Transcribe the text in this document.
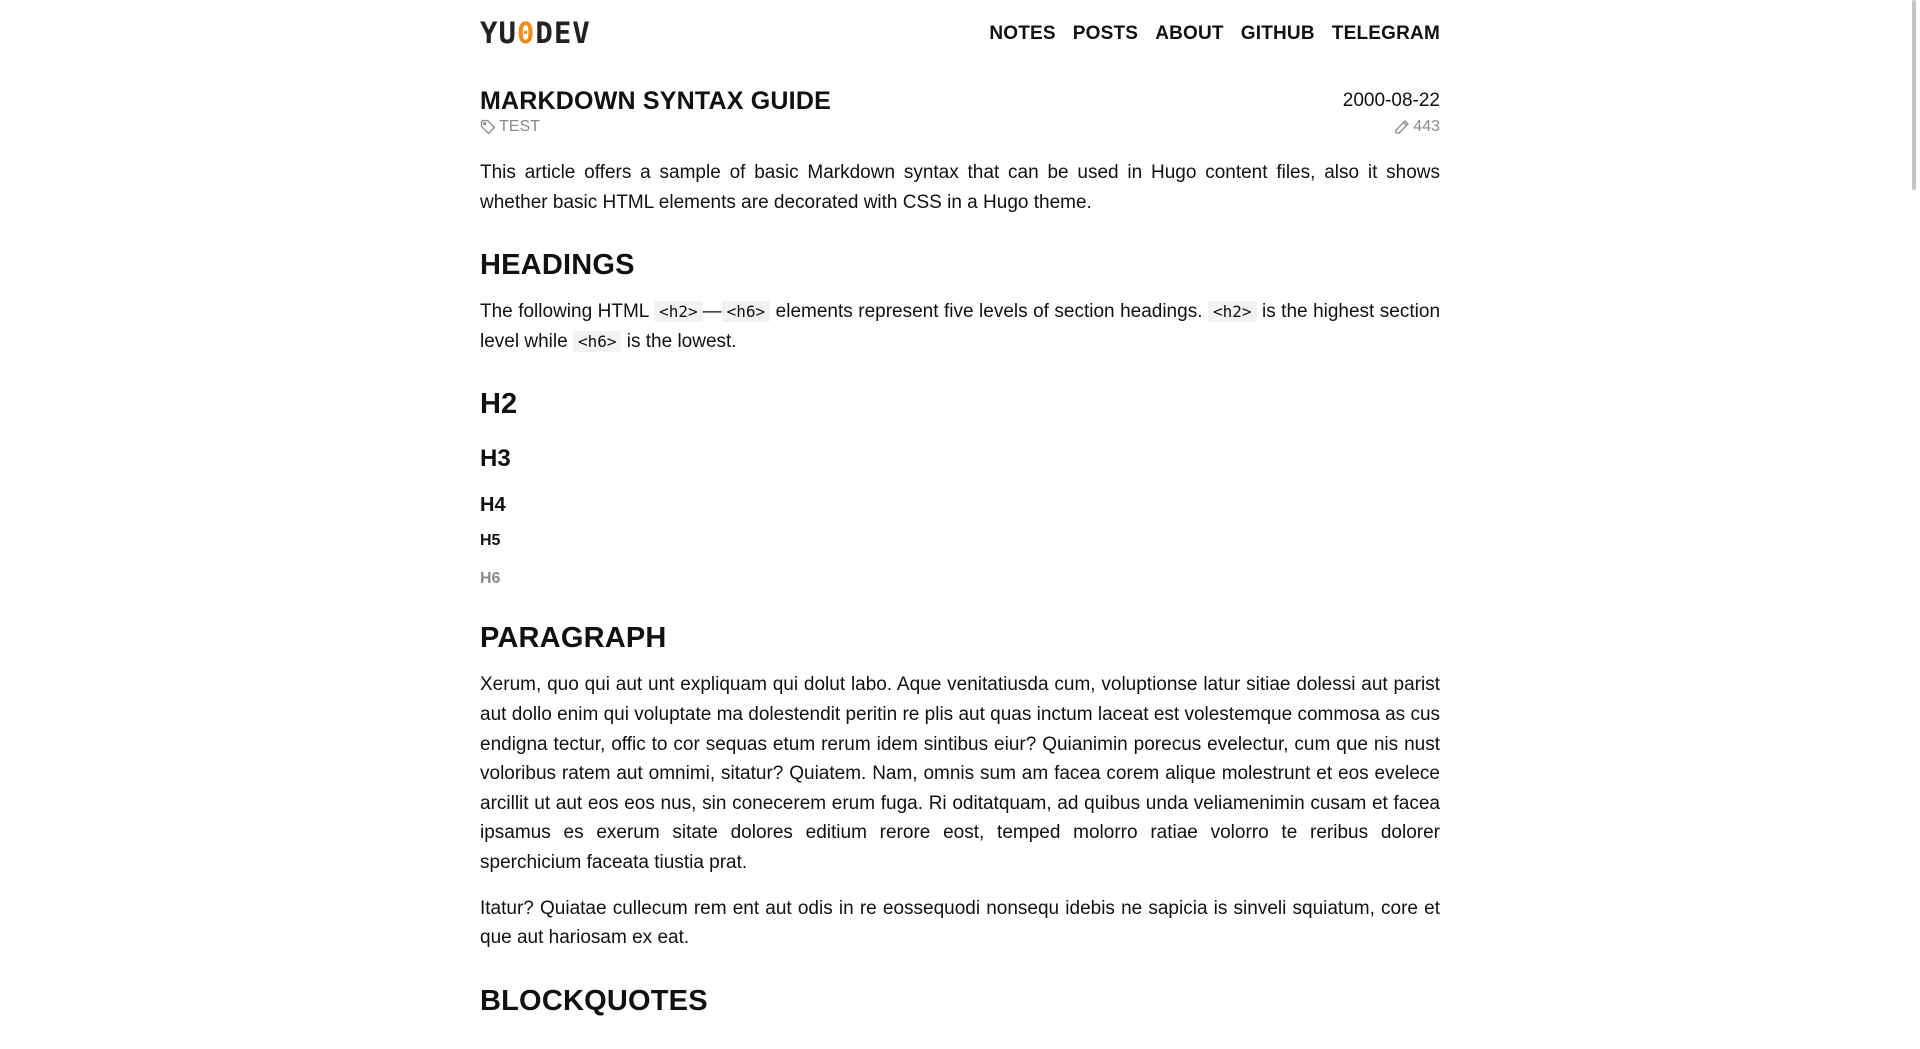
YU 0 DEV	NOTES POSTS ABOUT GITHUB TELEGRAM
MARKDOWN SYNTAX GUIDE	2000-08-22
TEST	443

This article offers a sample of basic Markdown syntax that can be used in Hugo content files, also it shows whether basic HTML elements are decorated with CSS in a Hugo theme.

HEADINGS

The following HTML <h2> — <h6> elements represent five levels of section headings. <h2> is the highest section level while <h6> is the lowest.

H2
H3
H4
H5
H6
PARAGRAPH

Xerum, quo qui aut unt expliquam qui dolut labo. Aque venitatiusda cum, voluptionse latur sitiae dolessi aut parist aut dollo enim qui voluptate ma dolestendit peritin re plis aut quas inctum laceat est volestemque commosa as cus endigna tectur, offic to cor sequas etum rerum idem sintibus eiur? Quianimin porecus evelectur, cum que nis nust voloribus ratem aut omnimi, sitatur? Quiatem. Nam, omnis sum am facea corem alique molestrunt et eos evelece arcillit ut aut eos eos nus, sin conecerem erum fuga. Ri oditatquam, ad quibus unda veliamenimin cusam et facea ipsamus es exerum sitate dolores editium rerore eost, temped molorro ratiae volorro te reribus dolorer sperchicium faceata tiustia prat.

Itatur? Quiatae cullecum rem ent aut odis in re eossequodi nonsequ idebis ne sapicia is sinveli squiatum, core et que aut hariosam ex eat.

BLOCKQUOTES
